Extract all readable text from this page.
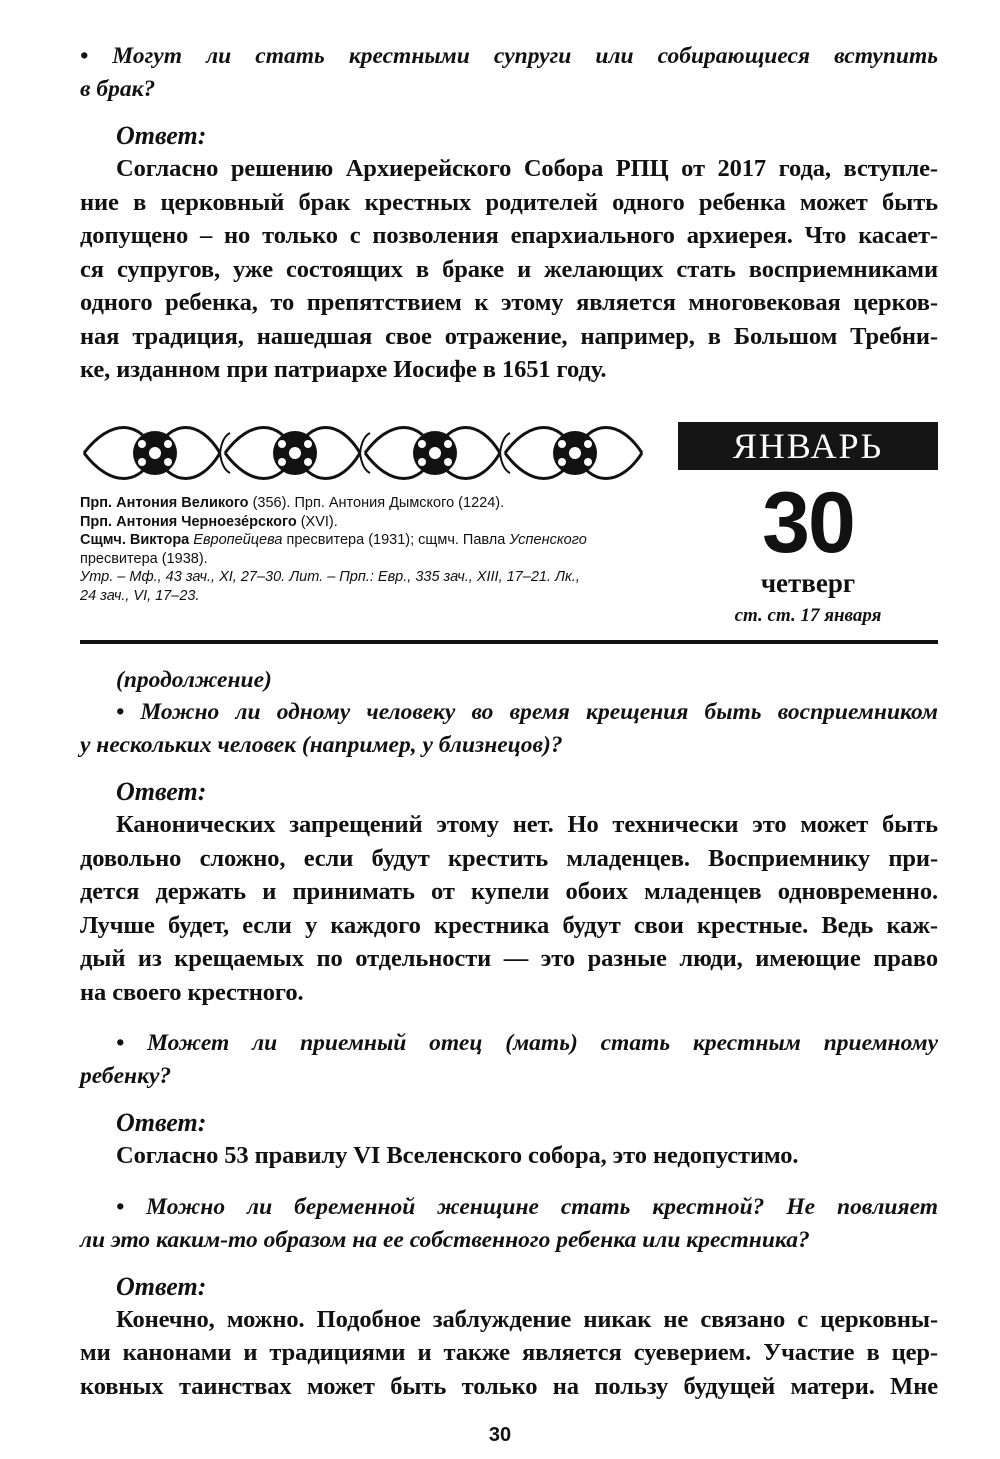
• Могут ли стать крестными супруги или собирающиеся вступить
в брак?

Ответ:
Согласно решению Архиерейского Собора РПЦ от 2017 года, вступле-
ние в церковный брак крестных родителей одного ребенка может быть
допущено – но только с позволения епархиального архиерея. Что касает-
ся супругов, уже состоящих в браке и желающих стать восприемниками
одного ребенка, то препятствием к этому является многовековая церков-
ная традиция, нашедшая свое отражение, например, в Большом Требни-
ке, изданном при патриархе Иосифе в 1651 году.
ЯНВАРЬ
30
четверг
ст. ст. 17 января
Прп. Антония Великого (356). Прп. Антония Дымского (1224).
Прп. Антония Черноезе́рского (XVI).
Сщмч. Виктора Европейцева пресвитера (1931); сщмч. Павла Успенского
пресвитера (1938).
Утр. – Мф., 43 зач., XI, 27–30. Лит. – Прп.: Евр., 335 зач., XIII, 17–21. Лк.,
24 зач., VI, 17–23.
(продолжение)

• Можно ли одному человеку во время крещения быть восприемником
у нескольких человек (например, у близнецов)?

Ответ:
Канонических запрещений этому нет. Но технически это может быть
довольно сложно, если будут крестить младенцев. Восприемнику при-
дется держать и принимать от купели обоих младенцев одновременно.
Лучше будет, если у каждого крестника будут свои крестные. Ведь каж-
дый из крещаемых по отдельности — это разные люди, имеющие право
на своего крестного.

• Может ли приемный отец (мать) стать крестным приемному
ребенку?

Ответ:
Согласно 53 правилу VI Вселенского собора, это недопустимо.

• Можно ли беременной женщине стать крестной? Не повлияет
ли это каким-то образом на ее собственного ребенка или крестника?

Ответ:
Конечно, можно. Подобное заблуждение никак не связано с церковны-
ми канонами и традициями и также является суеверием. Участие в цер-
ковных таинствах может быть только на пользу будущей матери. Мне
30
